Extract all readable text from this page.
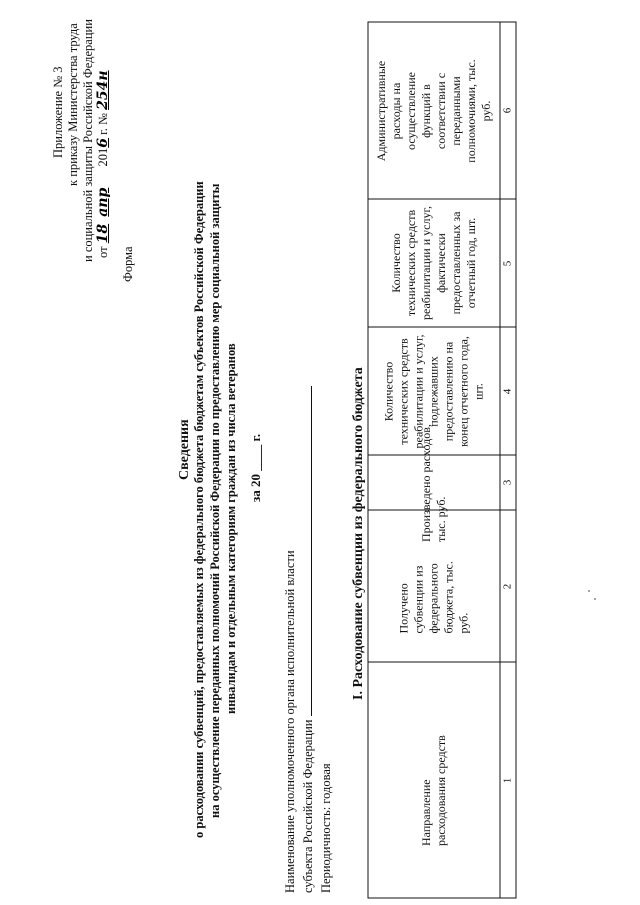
Приложение № 3 к приказу Министерства труда и социальной защиты Российской Федерации от 18 апр 2016 г. № 254н
Форма
Сведения о расходовании субвенций, предоставляемых из федерального бюджета бюджетам субъектов Российской Федерации на осуществление переданных полномочий Российской Федерации по предоставлению мер социальной защиты инвалидам и отдельным категориям граждан из числа ветеранов за 20 ____ г.
Наименование уполномоченного органа исполнительной власти субъекта Российской Федерации Периодичность: годовая
I. Расходование субвенции из федерального бюджета
Направление расходования средств
Получено субвенции из федерального бюджета, тыс. руб.
Произведено расходов, тыс. руб.
Количество технических средств реабилитации и услуг, подлежавших предоставлению на конец отчетного года, шт.
Количество технических средств реабилитации и услуг, фактически предоставленных за отчетный год, шт.
Административные расходы на осуществление функций в соответствии с переданными полномочиями, тыс. руб.
1
2
3
4
5
6
